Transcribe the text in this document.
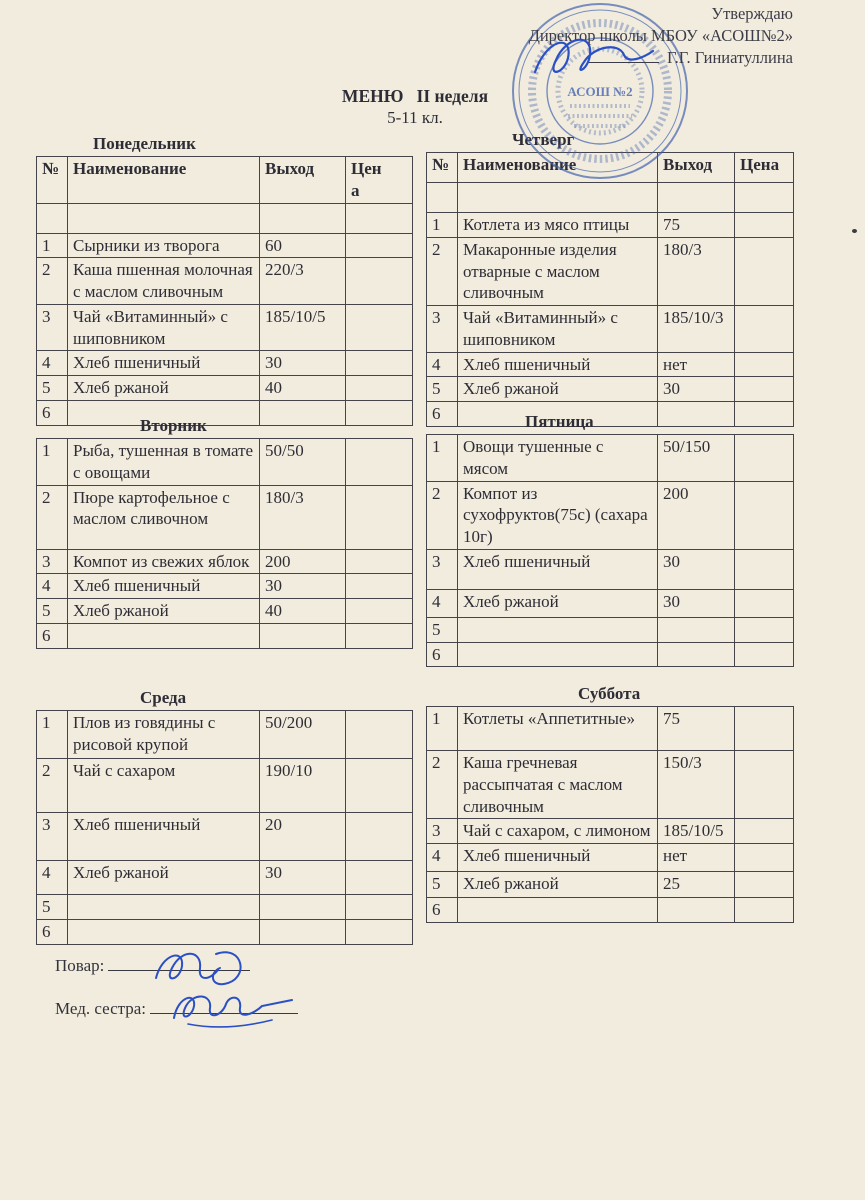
Утверждаю
Директор школы МБОУ «АСОШ№2»
Г.Г. Гиниатуллина
АСОШ №2
МЕНЮ   II неделя
5-11 кл.
Понедельник
№	Наименование	Выход	Цена

1	Сырники из творога	60	
2	Каша пшенная молочная с маслом сливочным	220/3	
3	Чай «Витаминный» с шиповником	185/10/5	
4	Хлеб пшеничный	30	
5	Хлеб ржаной	40	
6			
Вторник
1	Рыба, тушенная в томате с овощами	50/50	
2	Пюре картофельное с маслом сливочном	180/3	
3	Компот из свежих яблок	200	
4	Хлеб пшеничный	30	
5	Хлеб ржаной	40	
6			
Среда
1	Плов из говядины с рисовой крупой	50/200	
2	Чай с сахаром	190/10	
3	Хлеб пшеничный	20	
4	Хлеб ржаной	30	
5			
6			
Четверг
№	Наименование	Выход	Цена

1	Котлета из мясо птицы	75	
2	Макаронные изделия отварные с маслом сливочным	180/3	
3	Чай «Витаминный» с шиповником	185/10/3	
4	Хлеб пшеничный	нет	
5	Хлеб ржаной	30	
6				Пятница
1	Овощи тушенные с мясом	50/150	
2	Компот из сухофруктов(75с) (сахара 10г)	200	
3	Хлеб пшеничный	30	
4	Хлеб ржаной	30	
5			
6			
Суббота
1	Котлеты «Аппетитные»	75	
2	Каша гречневая рассыпчатая с маслом сливочным	150/3	
3	Чай с сахаром, с лимоном	185/10/5	
4	Хлеб пшеничный	нет	
5	Хлеб ржаной	25	
6			
Повар:
Мед. сестра:
